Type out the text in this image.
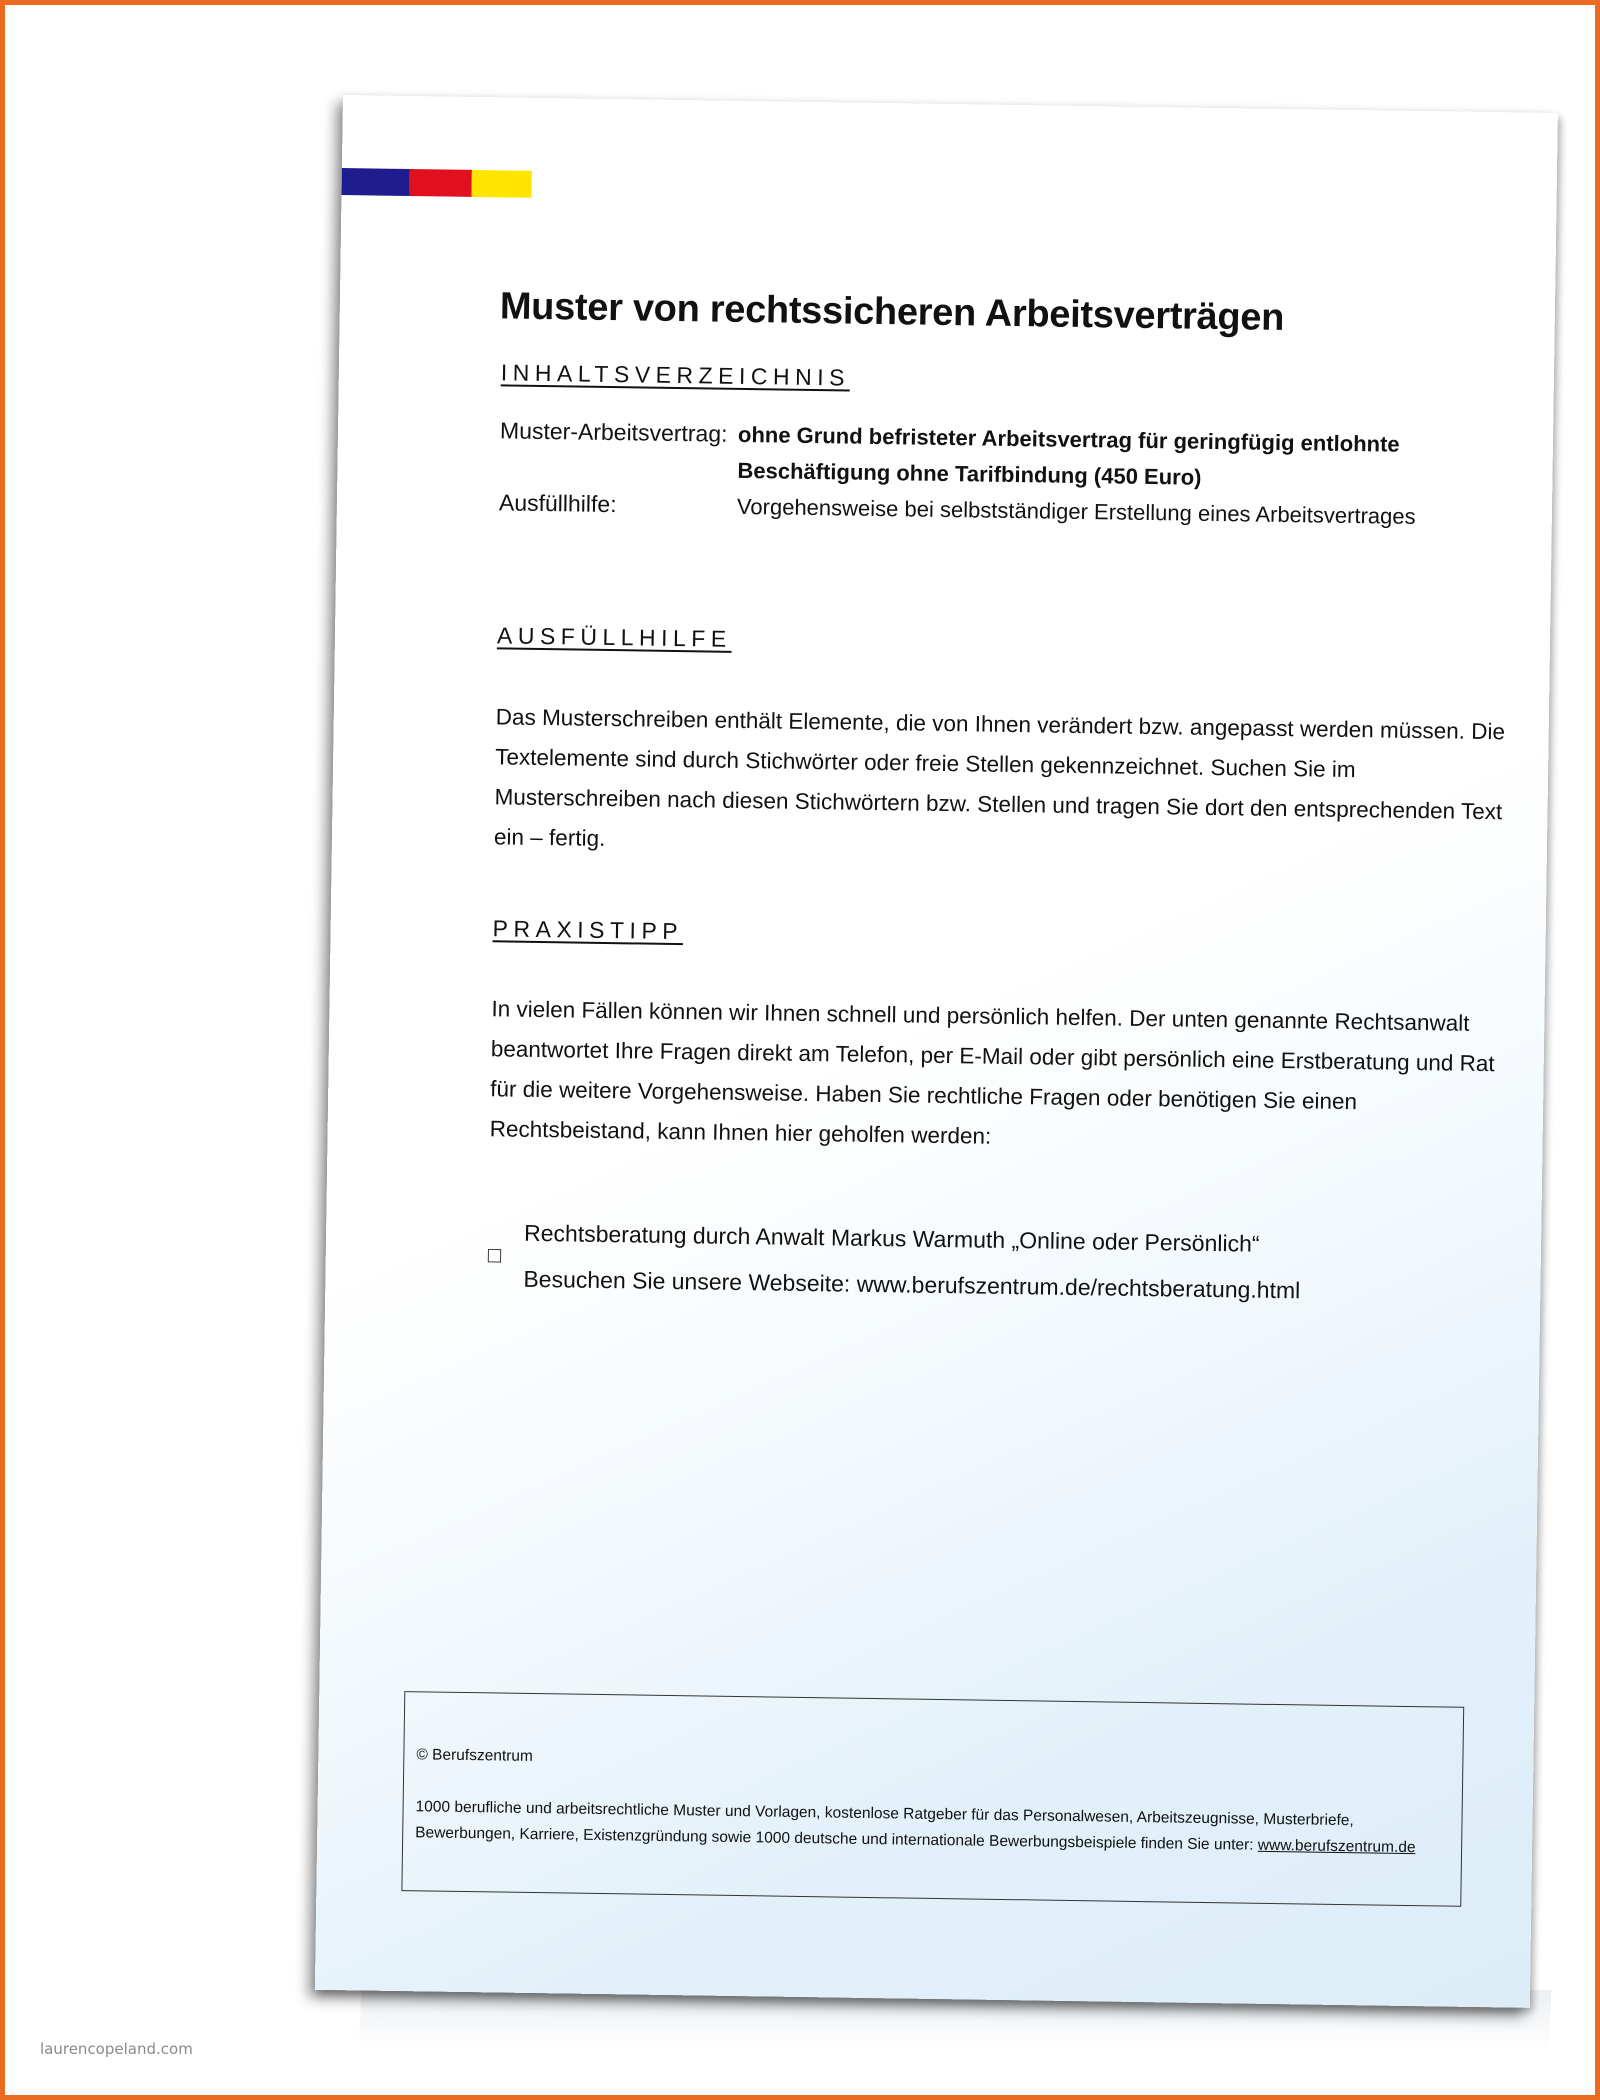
Muster von rechtssicheren Arbeitsverträgen
INHALTSVERZEICHNIS
Muster-Arbeitsvertrag: ohne Grund befristeter Arbeitsvertrag für geringfügig entlohnte
Beschäftigung ohne Tarifbindung (450 Euro)
Ausfüllhilfe:	Vorgehensweise bei selbstständiger Erstellung eines Arbeitsvertrages
AUSFÜLLHILFE
Das Musterschreiben enthält Elemente, die von Ihnen verändert bzw. angepasst werden müssen. Die Textelemente sind durch Stichwörter oder freie Stellen gekennzeichnet. Suchen Sie im Musterschreiben nach diesen Stichwörtern bzw. Stellen und tragen Sie dort den entsprechenden Text ein – fertig.
PRAXISTIPP
In vielen Fällen können wir Ihnen schnell und persönlich helfen. Der unten genannte Rechtsanwalt beantwortet Ihre Fragen direkt am Telefon, per E-Mail oder gibt persönlich eine Erstberatung und Rat für die weitere Vorgehensweise. Haben Sie rechtliche Fragen oder benötigen Sie einen Rechtsbeistand, kann Ihnen hier geholfen werden:
□ Rechtsberatung durch Anwalt Markus Warmuth „Online oder Persönlich“
Besuchen Sie unsere Webseite: www.berufszentrum.de/rechtsberatung.html
© Berufszentrum
1000 berufliche und arbeitsrechtliche Muster und Vorlagen, kostenlose Ratgeber für das Personalwesen, Arbeitszeugnisse, Musterbriefe,
Bewerbungen, Karriere, Existenzgründung sowie 1000 deutsche und internationale Bewerbungsbeispiele finden Sie unter: www.berufszentrum.de
laurencopeland.com
